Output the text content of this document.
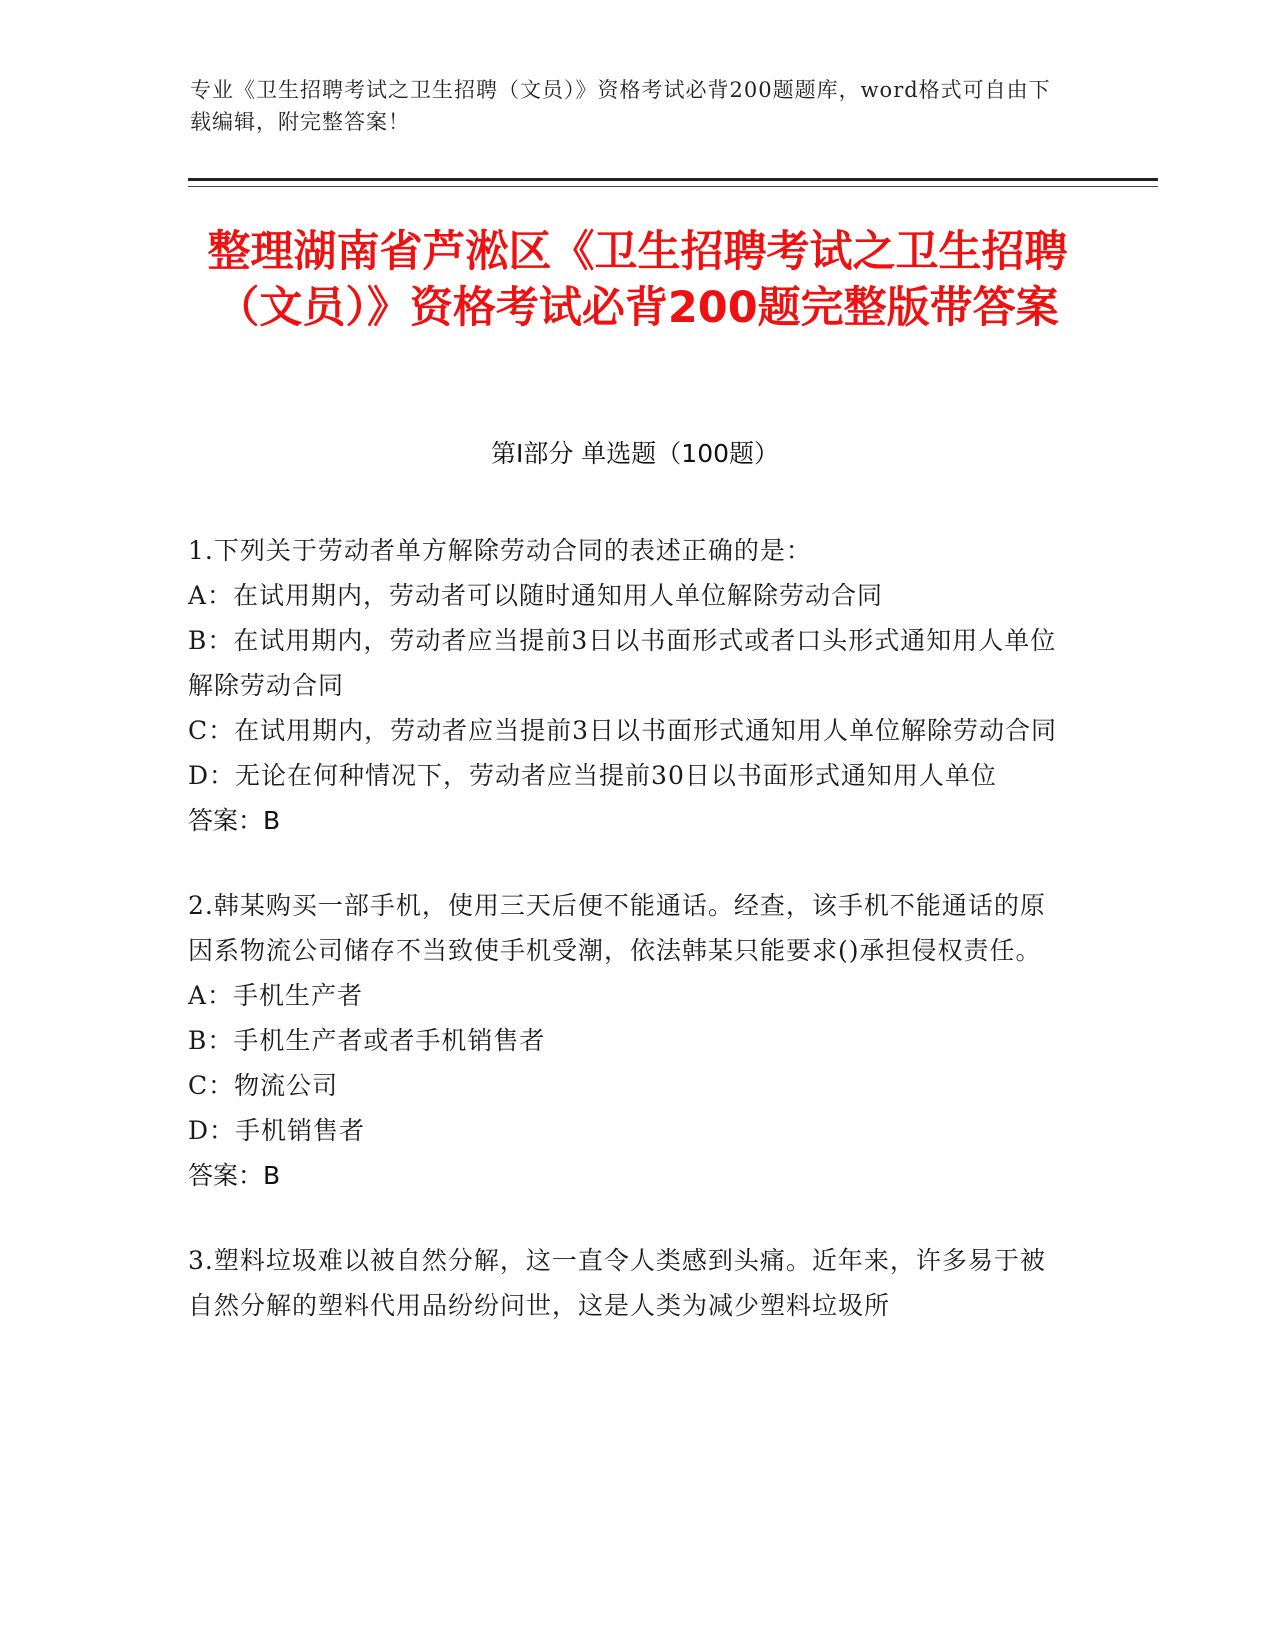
专业《卫生招聘考试之卫生招聘（文员）》资格考试必背200题题库，word格式可自由下载编辑，附完整答案！
整理湖南省芦淞区《卫生招聘考试之卫生招聘（文员）》资格考试必背200题完整版带答案
第Ⅰ部分 单选题（100题）
1.下列关于劳动者单方解除劳动合同的表述正确的是：
A：在试用期内，劳动者可以随时通知用人单位解除劳动合同
B：在试用期内，劳动者应当提前3日以书面形式或者口头形式通知用人单位解除劳动合同
C：在试用期内，劳动者应当提前3日以书面形式通知用人单位解除劳动合同
D：无论在何种情况下，劳动者应当提前30日以书面形式通知用人单位
答案：B
2.韩某购买一部手机，使用三天后便不能通话。经查，该手机不能通话的原因系物流公司储存不当致使手机受潮，依法韩某只能要求()承担侵权责任。
A：手机生产者
B：手机生产者或者手机销售者
C：物流公司
D：手机销售者
答案：B
3.塑料垃圾难以被自然分解，这一直令人类感到头痛。近年来，许多易于被自然分解的塑料代用品纷纷问世，这是人类为减少塑料垃圾所
